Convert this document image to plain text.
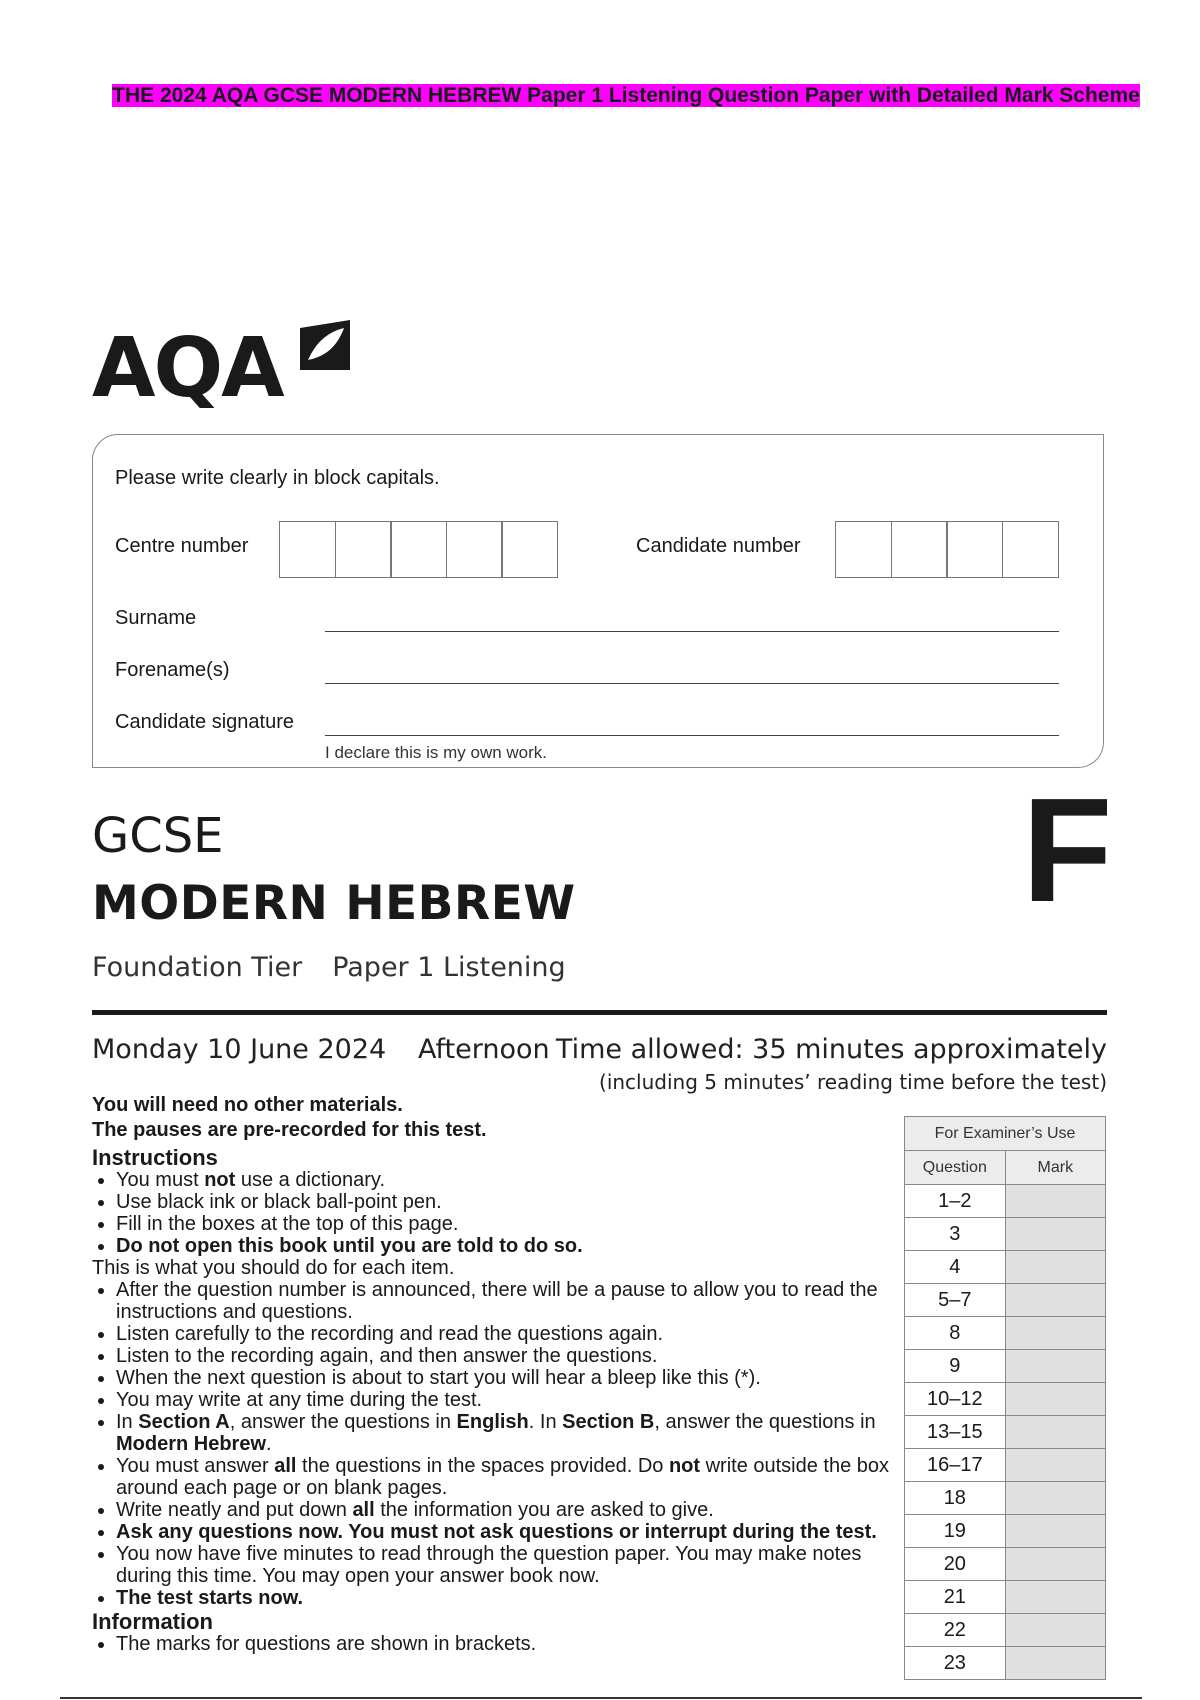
THE 2024 AQA GCSE MODERN HEBREW Paper 1 Listening Question Paper with Detailed Mark Scheme
AQA
Please write clearly in block capitals.
Centre number	Candidate number
Surname
Forename(s)
Candidate signature
I declare this is my own work.
GCSE
MODERN HEBREW
Foundation Tier Paper 1 Listening
F
Monday 10 June 2024 Afternoon Time allowed: 35 minutes approximately
(including 5 minutes’ reading time before the test)

You will need no other materials.

The pauses are pre-recorded for this test.

Instructions
• You must not use a dictionary.
• Use black ink or black ball-point pen.
• Fill in the boxes at the top of this page.
• Do not open this book until you are told to do so.

This is what you should do for each item.

• After the question number is announced, there will be a pause to allow you to read the instructions and questions.
• Listen carefully to the recording and read the questions again.
• Listen to the recording again, and then answer the questions.
• When the next question is about to start you will hear a bleep like this (*).
• You may write at any time during the test.
• In Section A, answer the questions in English. In Section B, answer the questions in Modern Hebrew.
• You must answer all the questions in the spaces provided. Do not write outside the box around each page or on blank pages.
• Write neatly and put down all the information you are asked to give.
• Ask any questions now. You must not ask questions or interrupt during the test.
• You now have five minutes to read through the question paper. You may make notes during this time. You may open your answer book now.
• The test starts now.
Information
• The marks for questions are shown in brackets.
For Examiner’s Use	
Question	Mark
1–2	
3	
4	
5–7	
8	
9	
10–12	
13–15	
16–17	
18	
19	
20	
21	
22	
23	
